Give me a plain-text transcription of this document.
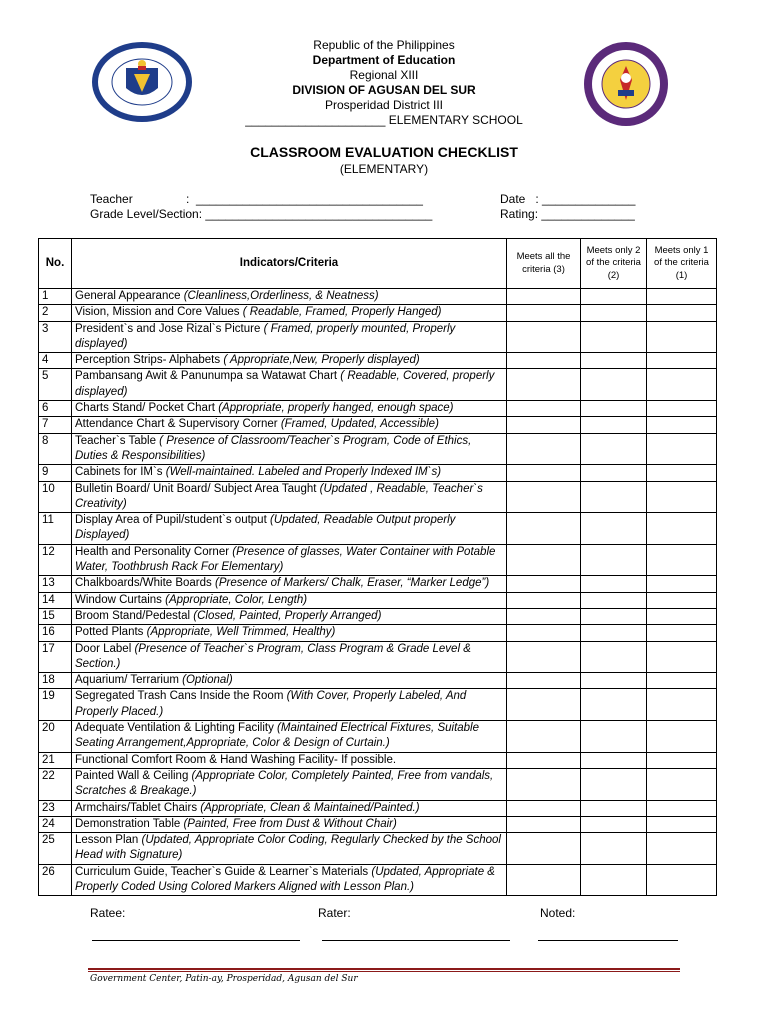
Republic of the Philippines
Department of Education
Regional XIII
DIVISION OF AGUSAN DEL SUR
Prosperidad District III
_____________________ ELEMENTARY SCHOOL
CLASSROOM EVALUATION CHECKLIST
(ELEMENTARY)
Teacher                :  __________________________________
Grade Level/Section: __________________________________
Date   : ______________
Rating: ______________
No.	Indicators/Criteria	Meets all the criteria (3)	Meets only 2 of the criteria (2)	Meets only 1 of the criteria (1)
1	General Appearance (Cleanliness,Orderliness, & Neatness)			
2	Vision, Mission and Core Values ( Readable, Framed, Properly Hanged)			
3	President`s and Jose Rizal`s Picture ( Framed, properly mounted, Properly displayed)			
4	Perception Strips- Alphabets ( Appropriate,New, Properly displayed)			
5	Pambansang Awit & Panunumpa sa Watawat Chart ( Readable, Covered, properly displayed)			
6	Charts Stand/ Pocket Chart (Appropriate, properly hanged, enough space)			
7	Attendance Chart & Supervisory Corner (Framed, Updated, Accessible)			
8	Teacher`s Table ( Presence of Classroom/Teacher`s Program, Code of Ethics, Duties & Responsibilities)			
9	Cabinets for IM`s (Well-maintained. Labeled and Properly Indexed IM`s)			
10	Bulletin Board/ Unit Board/ Subject Area Taught (Updated , Readable, Teacher`s Creativity)			
11	Display Area of Pupil/student`s output (Updated, Readable Output properly Displayed)			
12	Health and Personality Corner (Presence of glasses, Water Container with Potable Water, Toothbrush Rack For Elementary)			
13	Chalkboards/White Boards (Presence of Markers/ Chalk, Eraser, “Marker Ledge”)			
14	Window Curtains (Appropriate, Color, Length)			
15	Broom Stand/Pedestal (Closed, Painted, Properly Arranged)			
16	Potted Plants (Appropriate, Well Trimmed, Healthy)			
17	Door Label (Presence of Teacher`s Program, Class Program & Grade Level & Section.)			
18	Aquarium/ Terrarium (Optional)			
19	Segregated Trash Cans Inside the Room (With Cover, Properly Labeled, And Properly Placed.)			
20	Adequate Ventilation & Lighting Facility (Maintained Electrical Fixtures, Suitable Seating Arrangement,Appropriate, Color & Design of Curtain.)			
21	Functional Comfort Room & Hand Washing Facility- If possible.			
22	Painted Wall & Ceiling (Appropriate Color, Completely Painted, Free from vandals, Scratches & Breakage.)			
23	Armchairs/Tablet Chairs (Appropriate, Clean & Maintained/Painted.)			
24	Demonstration Table (Painted, Free from Dust & Without Chair)			
25	Lesson Plan (Updated, Appropriate Color Coding, Regularly Checked by the School Head with Signature)			
26	Curriculum Guide, Teacher`s Guide & Learner`s Materials (Updated, Appropriate & Properly Coded Using Colored Markers Aligned with Lesson Plan.)			
Ratee:	Rater:	Noted:
Government Center, Patin-ay, Prosperidad, Agusan del Sur
